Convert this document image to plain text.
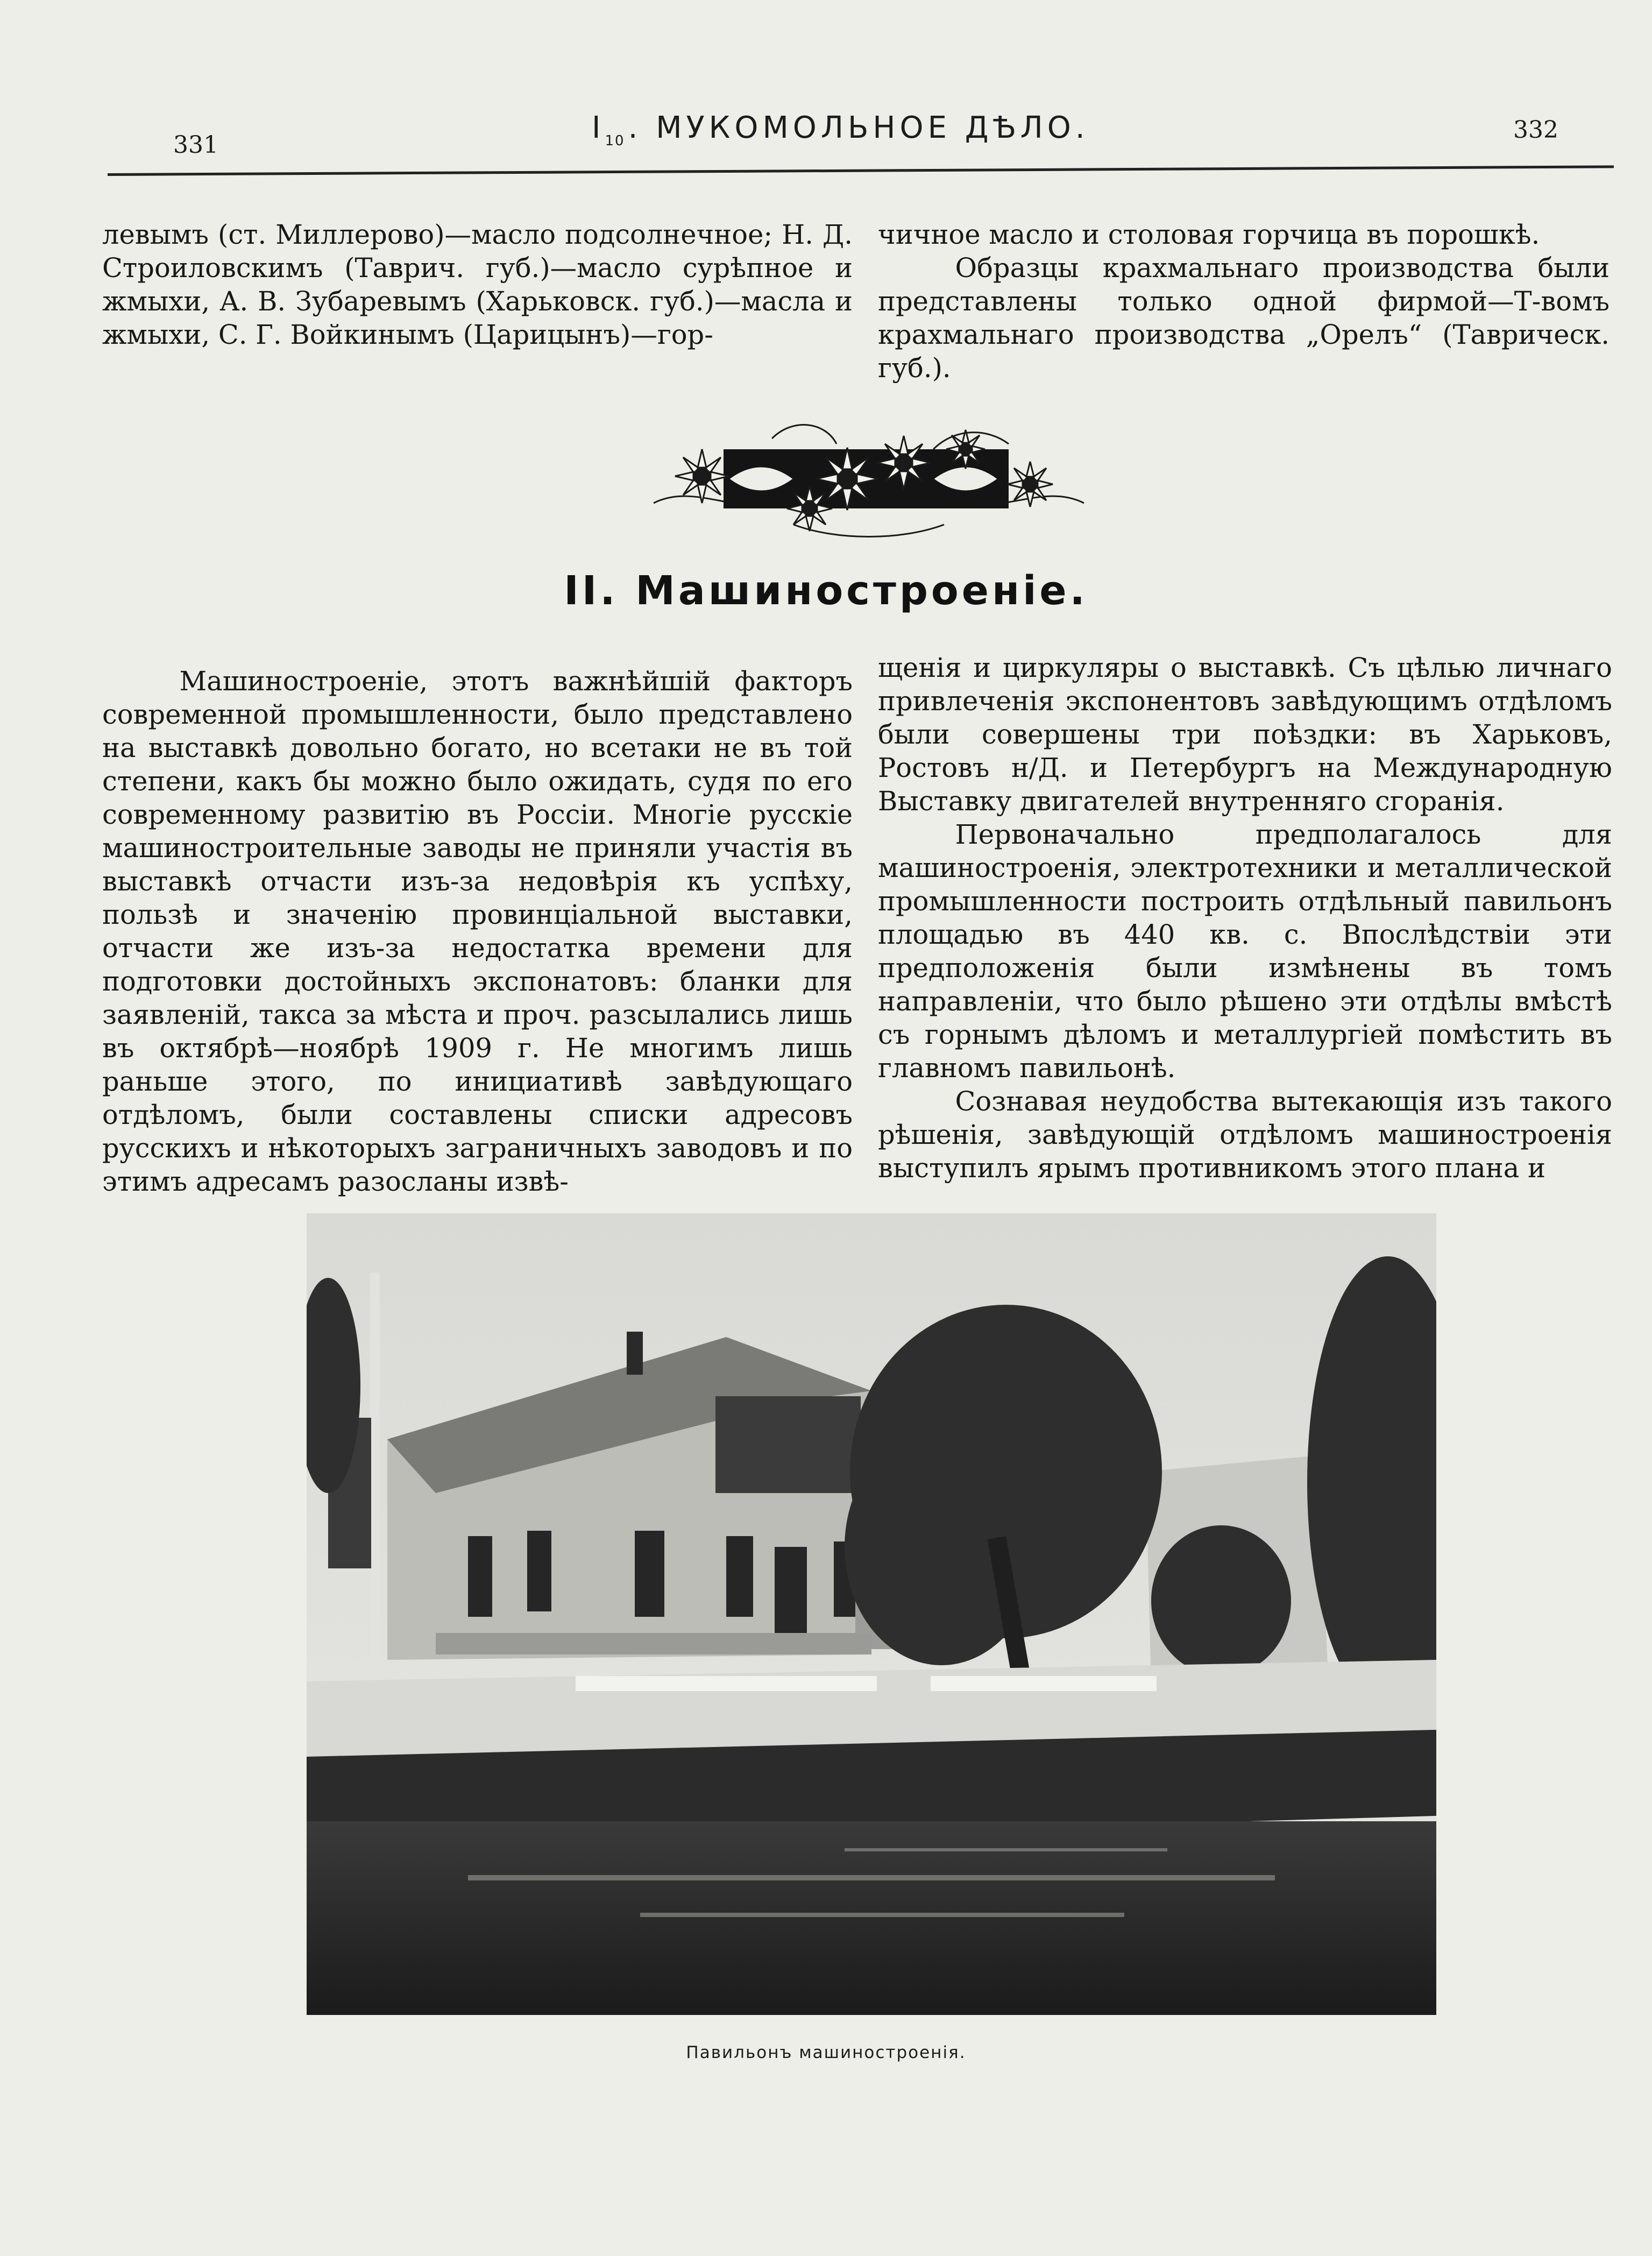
331	$I_{10}$ . МУКОМОЛЬНОЕ ДѢЛО.	332

левымъ (ст. Миллерово)—масло подсолнечное; Н. Д. Строиловскимъ (Таврич. губ.)—масло сурѣпное и жмыхи, А. В. Зубаревымъ (Харьковск. губ.)—масла и жмыхи, С. Г. Войкинымъ (Царицынъ)—гор-

чичное масло и столовая горчица въ порошкѣ.

Образцы крахмальнаго производства были представлены только одной фирмой—Т-вомъ крахмальнаго производства „Орелъ“ (Таврическ. губ.).

II. Машиностроенiе.

Машиностроенiе, этотъ важнѣйшiй факторъ современной промышленности, было представлено на выставкѣ довольно богато, но всетаки не въ той степени, какъ бы можно было ожидать, судя по его современному развитiю въ Россiи. Многiе русскiе машиностроительные заводы не приняли участiя въ выставкѣ отчасти изъ-за недовѣрiя къ успѣху, пользѣ и значенiю провинцiальной выставки, отчасти же изъ-за недостатка времени для подготовки достойныхъ экспонатовъ: бланки для заявленiй, такса за мѣста и проч. разсылались лишь въ октябрѣ—ноябрѣ 1909 г. Не многимъ лишь раньше этого, по инициативѣ завѣдующаго отдѣломъ, были составлены списки адресовъ русскихъ и нѣкоторыхъ заграничныхъ заводовъ и по этимъ адресамъ разосланы извѣ-

щенiя и циркуляры о выставкѣ. Съ цѣлью личнаго привлеченiя экспонентовъ завѣдующимъ отдѣломъ были совершены три поѣздки: въ Харьковъ, Ростовъ н/Д. и Петербургъ на Международную Выставку двигателей внутренняго сгоранiя.

Первоначально предполагалось для машиностроенiя, электротехники и металлической промышленности построить отдѣльный павильонъ площадью въ 440 кв. с. Впослѣдствiи эти предположенiя были измѣнены въ томъ направленiи, что было рѣшено эти отдѣлы вмѣстѣ съ горнымъ дѣломъ и металлургiей помѣстить въ главномъ павильонѣ.

Сознавая неудобства вытекающiя изъ такого рѣшенiя, завѣдующiй отдѣломъ машиностроенiя выступилъ ярымъ противникомъ этого плана и

Павильонъ машиностроенiя.
